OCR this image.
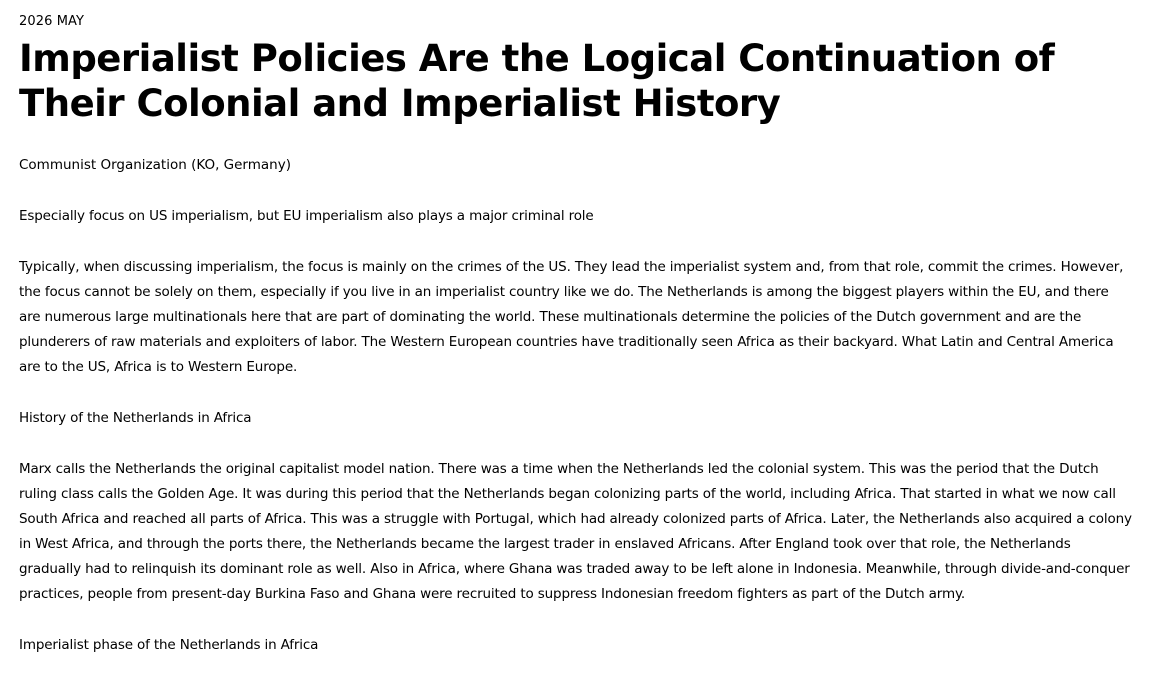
2026 MAY
Imperialist Policies Are the Logical Continuation of Their Colonial and Imperialist History
Communist Organization (KO, Germany)

Especially focus on US imperialism, but EU imperialism also plays a major criminal role

Typically, when discussing imperialism, the focus is mainly on the crimes of the US. They lead the imperialist system and, from that role, commit the crimes. However, the focus cannot be solely on them, especially if you live in an imperialist country like we do. The Netherlands is among the biggest players within the EU, and there are numerous large multinationals here that are part of dominating the world. These multinationals determine the policies of the Dutch government and are the plunderers of raw materials and exploiters of labor. The Western European countries have traditionally seen Africa as their backyard. What Latin and Central America are to the US, Africa is to Western Europe.

History of the Netherlands in Africa

Marx calls the Netherlands the original capitalist model nation. There was a time when the Netherlands led the colonial system. This was the period that the Dutch ruling class calls the Golden Age. It was during this period that the Netherlands began colonizing parts of the world, including Africa. That started in what we now call South Africa and reached all parts of Africa. This was a struggle with Portugal, which had already colonized parts of Africa. Later, the Netherlands also acquired a colony in West Africa, and through the ports there, the Netherlands became the largest trader in enslaved Africans. After England took over that role, the Netherlands gradually had to relinquish its dominant role as well. Also in Africa, where Ghana was traded away to be left alone in Indonesia. Meanwhile, through divide-and-conquer practices, people from present-day Burkina Faso and Ghana were recruited to suppress Indonesian freedom fighters as part of the Dutch army.

Imperialist phase of the Netherlands in Africa
